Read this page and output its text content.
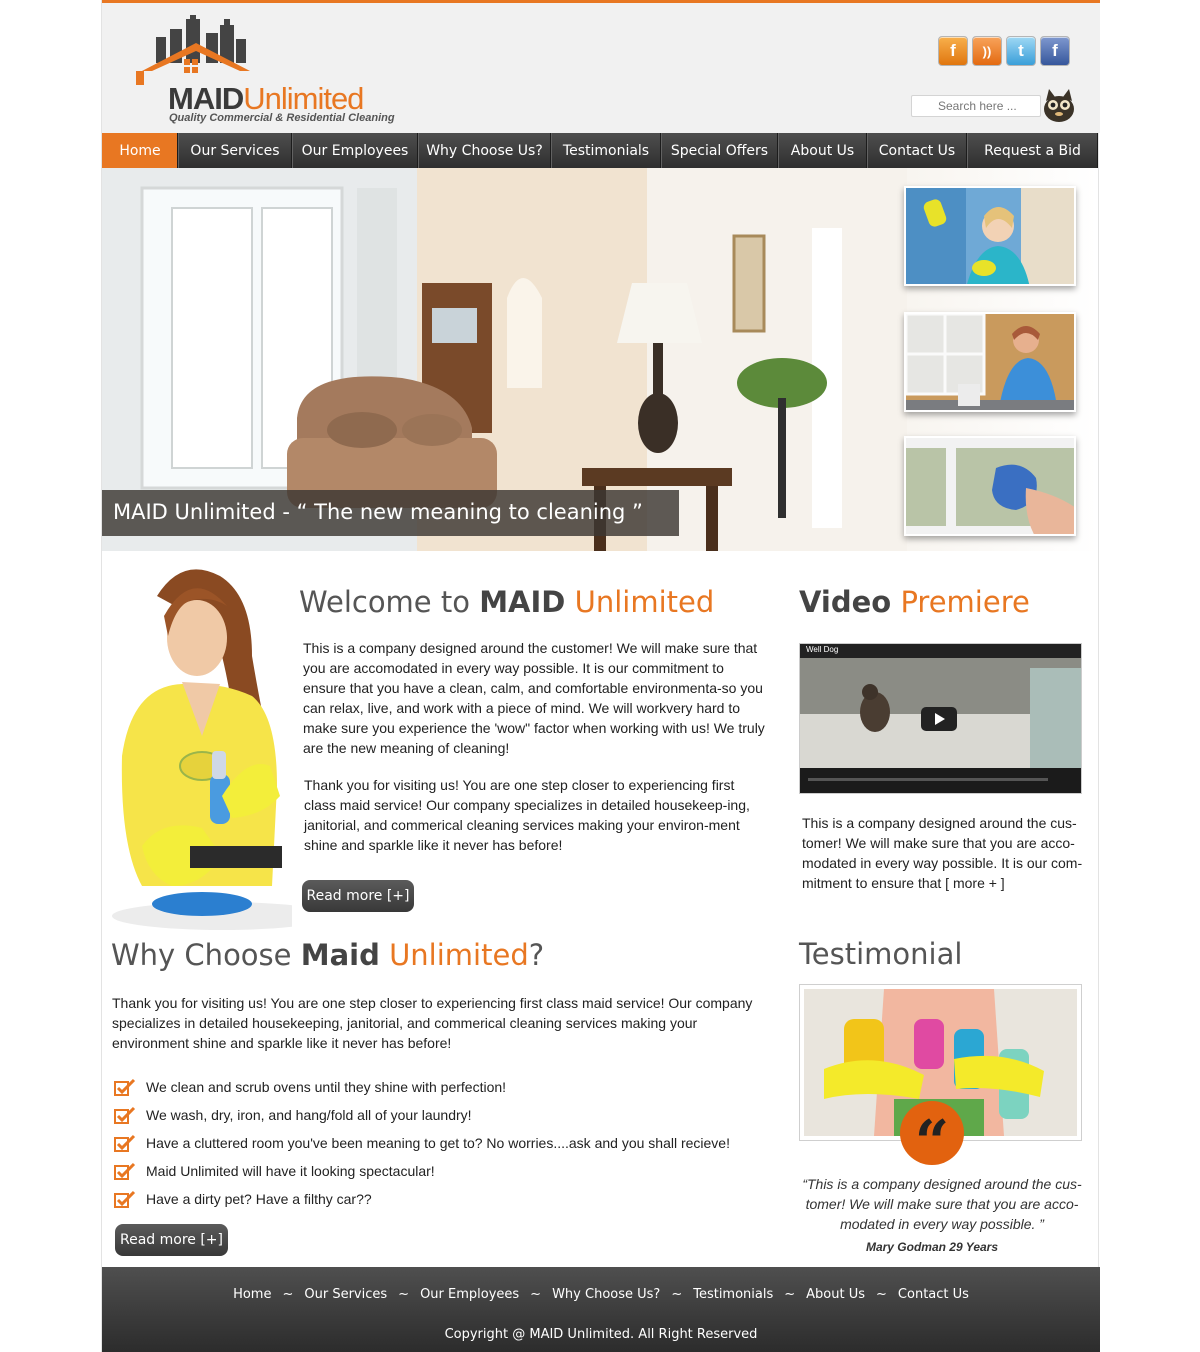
MAIDUnlimited
Quality Commercial & Residential Cleaning
f	))	t	f
Search here ...
Home	Our Services	Our Employees	Why Choose Us?	Testimonials	Special Offers	About Us	Contact Us	Request a Bid
MAID Unlimited - “ The new meaning to cleaning ”
Welcome to MAID Unlimited
This is a company designed around the customer! We will make sure that you are accomodated in every way possible. It is our commitment to ensure that you have a clean, calm, and comfortable environmenta-so you can relax, live, and work with a piece of mind. We will workvery hard to make sure you experience the 'wow" factor when working with us! We truly are the new meaning of cleaning!
Thank you for visiting us! You are one step closer to experiencing first class maid service! Our company specializes in detailed housekeep-ing, janitorial, and commerical cleaning services making your environ-ment shine and sparkle like it never has before!
Read more [+]
Video Premiere
Well Dog
This is a company designed around the cus-tomer! We will make sure that you are acco-modated in every way possible. It is our com-mitment to ensure that [ more + ]
Why Choose Maid Unlimited?
Thank you for visiting us! You are one step closer to experiencing first class maid service! Our company specializes in detailed housekeeping, janitorial, and commerical cleaning services making your environment shine and sparkle like it never has before!
We clean and scrub ovens until they shine with perfection!
We wash, dry, iron, and hang/fold all of your laundry!
Have a cluttered room you've been meaning to get to? No worries....ask and you shall recieve!
Maid Unlimited will have it looking spectacular!
Have a dirty pet? Have a filthy car??
Read more [+]
Testimonial
“
“This is a company designed around the cus-tomer! We will make sure that you are acco-modated in every way possible. ”
Mary Godman 29 Years
Home ~ Our Services ~ Our Employees ~ Why Choose Us? ~ Testimonials ~ About Us ~ Contact Us
Copyright @ MAID Unlimited. All Right Reserved
